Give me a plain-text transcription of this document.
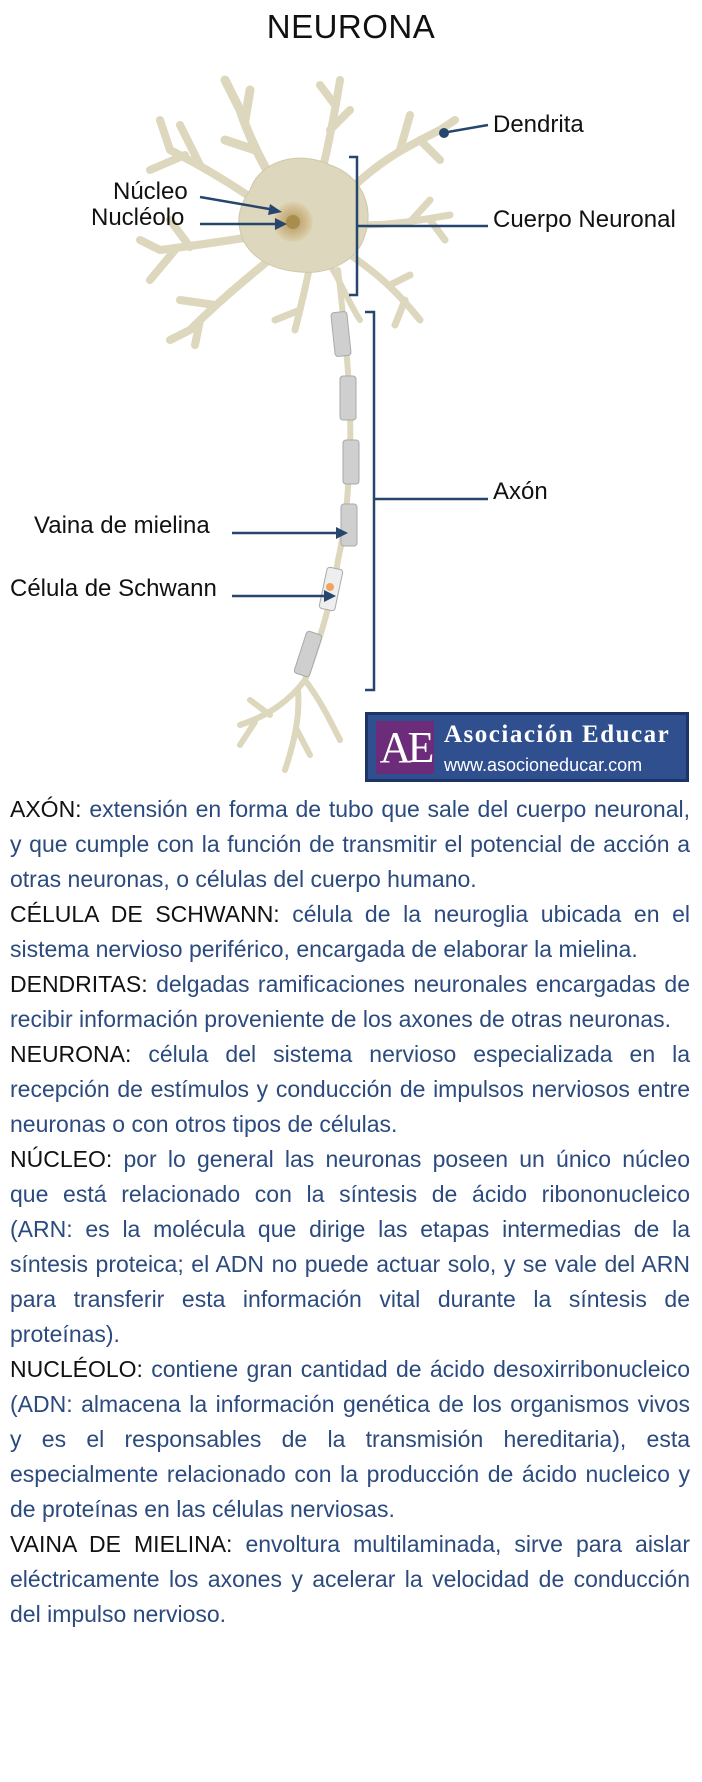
NEURONA
Dendrita
Núcleo
Nucléolo	Cuerpo Neuronal
Axón
Vaina de mielina
Célula de Schwann
AE Asociación Educar
www.asocioneducar.com

AXÓN: extensión en forma de tubo que sale del cuerpo neuronal, y que cumple con la función de transmitir el potencial de acción a otras neuronas, o células del cuerpo humano.

CÉLULA DE SCHWANN: célula de la neuroglia ubicada en el sistema nervioso periférico, encargada de elaborar la mielina.

DENDRITAS: delgadas ramificaciones neuronales encargadas de recibir información proveniente de los axones de otras neuronas.

NEURONA: célula del sistema nervioso especializada en la recepción de estímulos y conducción de impulsos nerviosos entre neuronas o con otros tipos de células.

NÚCLEO: por lo general las neuronas poseen un único núcleo que está relacionado con la síntesis de ácido ribononucleico (ARN: es la molécula que dirige las etapas intermedias de la síntesis proteica; el ADN no puede actuar solo, y se vale del ARN para transferir esta información vital durante la síntesis de proteínas).

NUCLÉOLO: contiene gran cantidad de ácido desoxirribonucleico (ADN: almacena la información genética de los organismos vivos y es el responsables de la transmisión hereditaria), esta especialmente relacionado con la producción de ácido nucleico y de proteínas en las células nerviosas.

VAINA DE MIELINA: envoltura multilaminada, sirve para aislar eléctricamente los axones y acelerar la velocidad de conducción del impulso nervioso.
